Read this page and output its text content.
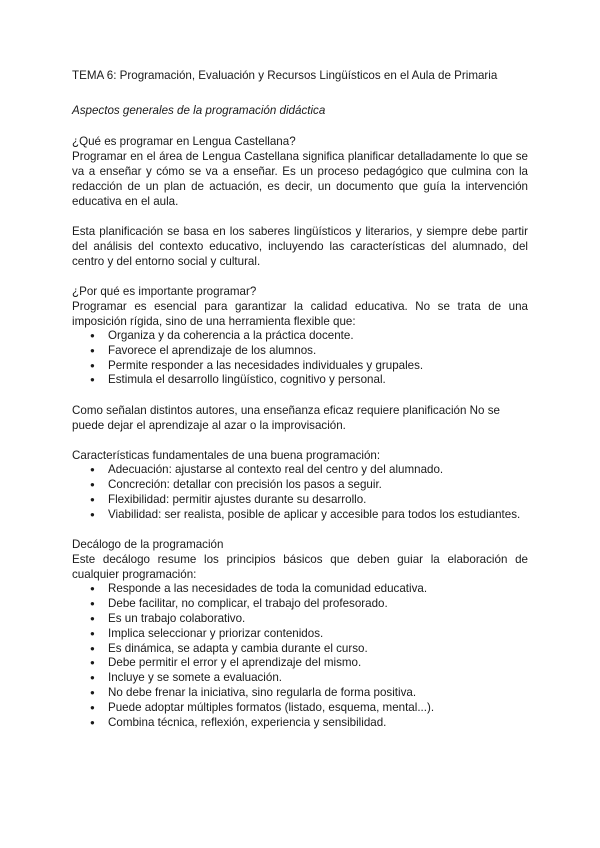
TEMA 6: Programación, Evaluación y Recursos Lingüísticos en el Aula de Primaria
Aspectos generales de la programación didáctica
¿Qué es programar en Lengua Castellana?

Programar en el área de Lengua Castellana significa planificar detalladamente lo que se va a enseñar y cómo se va a enseñar. Es un proceso pedagógico que culmina con la redacción de un plan de actuación, es decir, un documento que guía la intervención educativa en el aula.

Esta planificación se basa en los saberes lingüísticos y literarios, y siempre debe partir del análisis del contexto educativo, incluyendo las características del alumnado, del centro y del entorno social y cultural.

¿Por qué es importante programar?

Programar es esencial para garantizar la calidad educativa. No se trata de una imposición rígida, sino de una herramienta flexible que:

● Organiza y da coherencia a la práctica docente.
● Favorece el aprendizaje de los alumnos.
● Permite responder a las necesidades individuales y grupales.
● Estimula el desarrollo lingüístico, cognitivo y personal.

Como señalan distintos autores, una enseñanza eficaz requiere planificación No se puede dejar el aprendizaje al azar o la improvisación.

Características fundamentales de una buena programación:
● Adecuación: ajustarse al contexto real del centro y del alumnado.
● Concreción: detallar con precisión los pasos a seguir.
● Flexibilidad: permitir ajustes durante su desarrollo.
● Viabilidad: ser realista, posible de aplicar y accesible para todos los estudiantes.
Decálogo de la programación

Este decálogo resume los principios básicos que deben guiar la elaboración de cualquier programación:

● Responde a las necesidades de toda la comunidad educativa.
● Debe facilitar, no complicar, el trabajo del profesorado.
● Es un trabajo colaborativo.
● Implica seleccionar y priorizar contenidos.
● Es dinámica, se adapta y cambia durante el curso.
● Debe permitir el error y el aprendizaje del mismo.
● Incluye y se somete a evaluación.
● No debe frenar la iniciativa, sino regularla de forma positiva.
● Puede adoptar múltiples formatos (listado, esquema, mental...).
● Combina técnica, reflexión, experiencia y sensibilidad.
